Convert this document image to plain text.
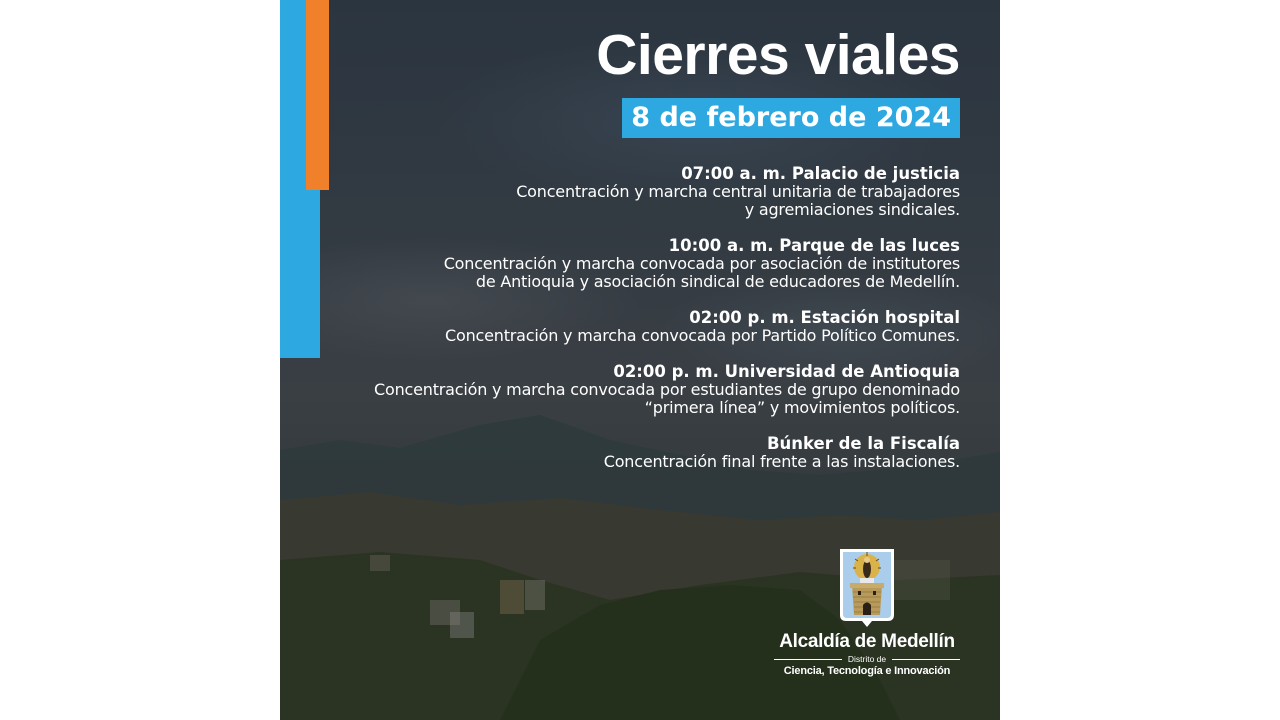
Cierres viales
8 de febrero de 2024
07:00 a. m. Palacio de justicia
Concentración y marcha central unitaria de trabajadores y agremiaciones sindicales.
10:00 a. m. Parque de las luces
Concentración y marcha convocada por asociación de institutores de Antioquia y asociación sindical de educadores de Medellín.
02:00 p. m. Estación hospital
Concentración y marcha convocada por Partido Político Comunes.
02:00 p. m. Universidad de Antioquia
Concentración y marcha convocada por estudiantes de grupo denominado “primera línea” y movimientos políticos.
Búnker de la Fiscalía
Concentración final frente a las instalaciones.
Alcaldía de Medellín
Distrito de
Ciencia, Tecnología e Innovación
